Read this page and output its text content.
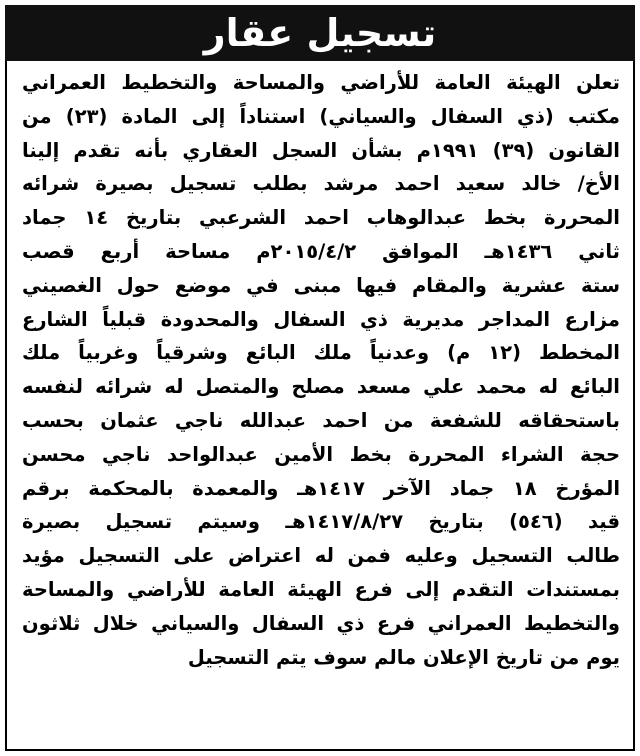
تسجيل عقار
تعلن الهيئة العامة للأراضي والمساحة والتخطيط العمراني
مكتب (ذي السفال والسياني) استناداً إلى المادة (٢٣) من
القانون (٣٩) ١٩٩١م بشأن السجل العقاري بأنه تقدم إلينا
الأخ/ خالد سعيد احمد مرشد بطلب تسجيل بصيرة شرائه
المحررة بخط عبدالوهاب احمد الشرعبي بتاريخ ١٤ جماد
ثاني ١٤٣٦هـ الموافق ٢٠١٥/٤/٢م مساحة أربع قصب
ستة عشرية والمقام فيها مبنى في موضع حول الغصيني
مزارع المداجر مديرية ذي السفال والمحدودة قبلياً الشارع
المخطط (١٢ م) وعدنياً ملك البائع وشرقياً وغربياً ملك
البائع له محمد علي مسعد مصلح والمتصل له شرائه لنفسه
باستحقاقه للشفعة من احمد عبدالله ناجي عثمان بحسب
حجة الشراء المحررة بخط الأمين عبدالواحد ناجي محسن
المؤرخ ١٨ جماد الآخر ١٤١٧هـ والمعمدة بالمحكمة برقم
قيد (٥٤٦) بتاريخ ١٤١٧/٨/٢٧هـ وسيتم تسجيل بصيرة
طالب التسجيل وعليه فمن له اعتراض على التسجيل مؤيد
بمستندات التقدم إلى فرع الهيئة العامة للأراضي والمساحة
والتخطيط العمراني فرع ذي السفال والسياني خلال ثلاثون
يوم من تاريخ الإعلان مالم سوف يتم التسجيل
